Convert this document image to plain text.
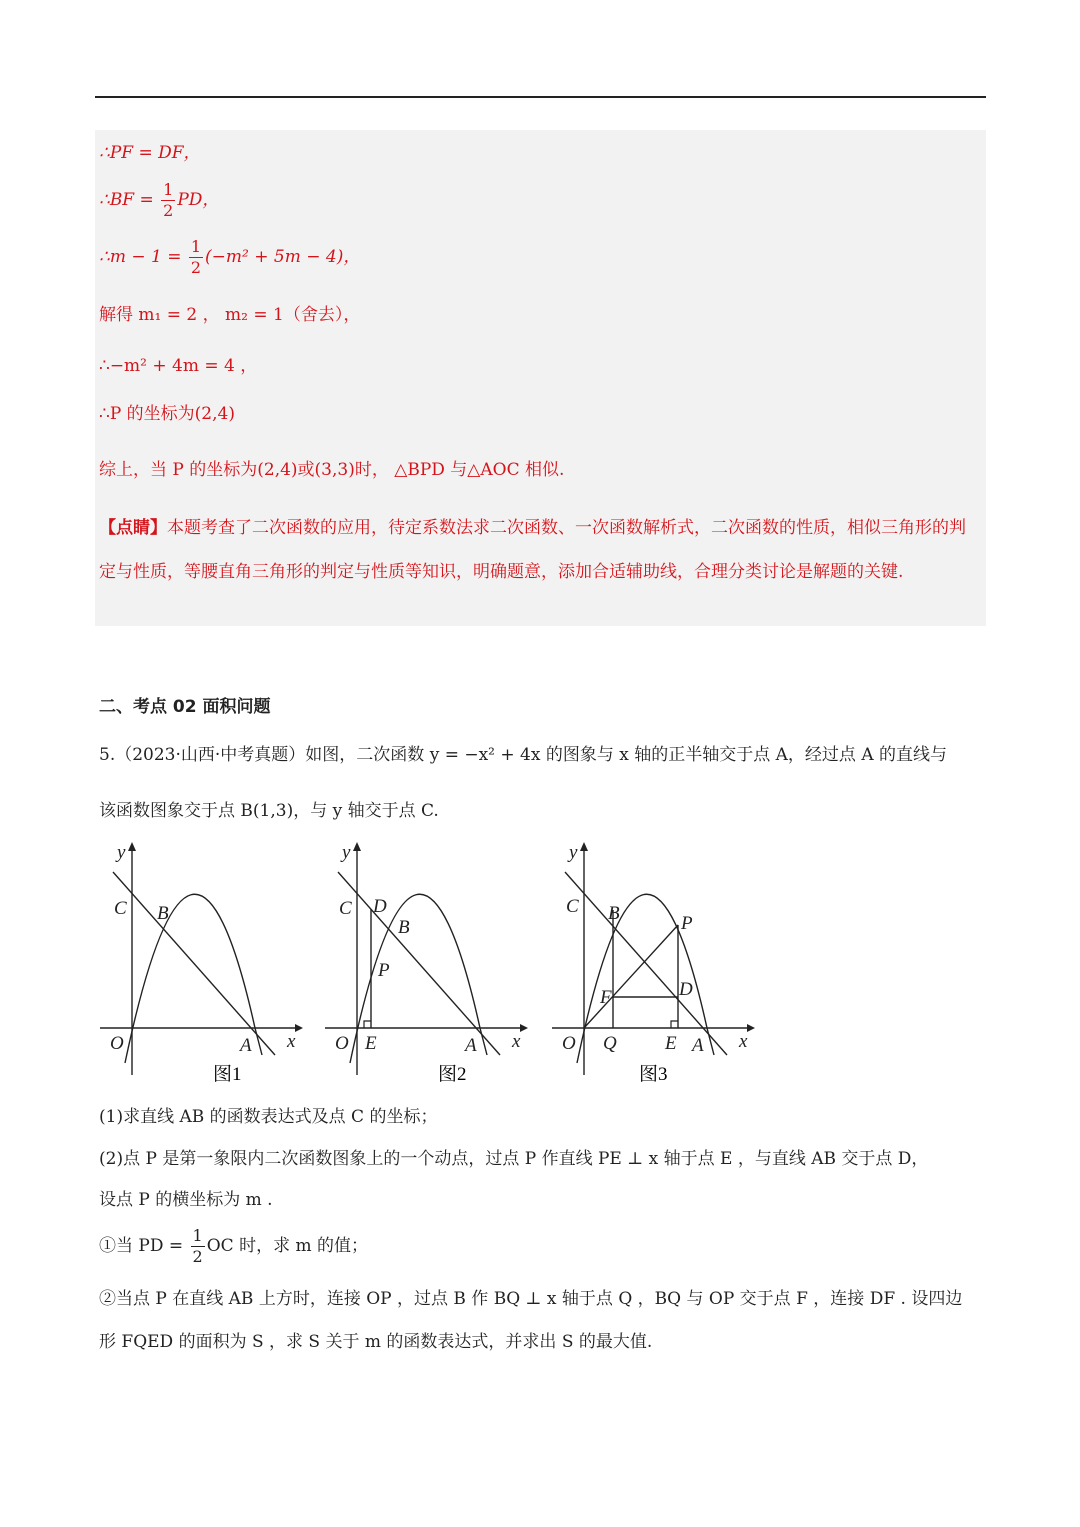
∴PF = DF，
∴BF = $\frac{1}{2}$ PD，
∴m − $1 = \frac{1}{2} (-m^2 + 5m - 4)$，
解得 m₁ = 2 ， m₂ = 1（舍去），
∴−m² + 4m = 4 ，
∴P 的坐标为(2,4)
综上，当 P 的坐标为(2,4)或(3,3)时， △BPD 与△AOC 相似.
【点睛】本题考查了二次函数的应用，待定系数法求二次函数、一次函数解析式，二次函数的性质，相似三角形的判定与性质，等腰直角三角形的判定与性质等知识，明确题意，添加合适辅助线，合理分类讨论是解题的关键.
二、考点 02 面积问题
5.（2023·山西·中考真题）如图，二次函数 y = −x² + 4x 的图象与 x 轴的正半轴交于点 A，经过点 A 的直线与
该函数图象交于点 B(1,3)，与 y 轴交于点 C.
图1	图2	图3
y
x
O	A
C B
y
x
O E	A
C D
B
P
y
x
O Q	E A
C B	P
D
F
(1)求直线 AB 的函数表达式及点 C 的坐标；
(2)点 P 是第一象限内二次函数图象上的一个动点，过点 P 作直线 PE ⊥ x 轴于点 E ，与直线 AB 交于点 D，
设点 P 的横坐标为 m .
①当 PD = $\frac{1}{2}$ OC 时，求 m 的值；
②当点 P 在直线 AB 上方时，连接 OP ，过点 B 作 BQ ⊥ x 轴于点 Q ，BQ 与 OP 交于点 F ，连接 DF . 设四边
形 FQED 的面积为 S ，求 S 关于 m 的函数表达式，并求出 S 的最大值.
